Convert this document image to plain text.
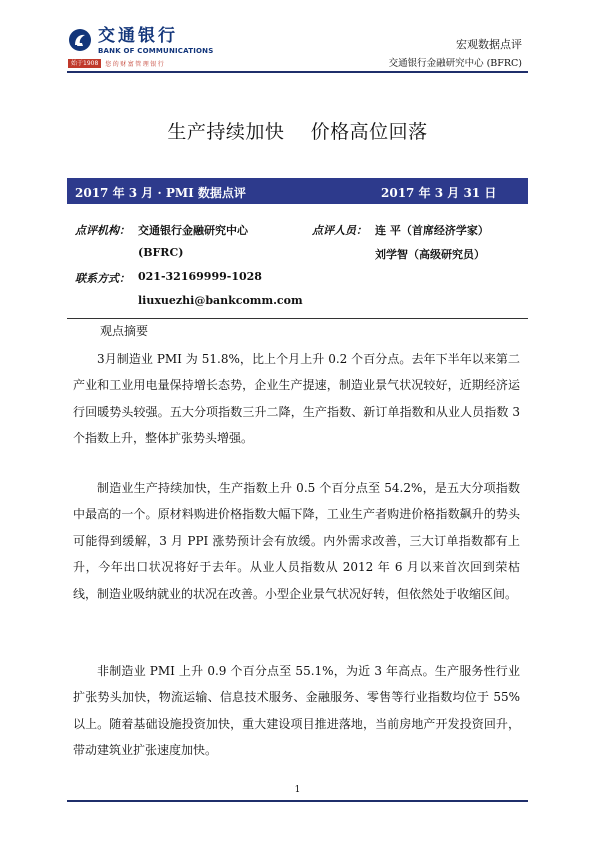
交通银行
BANK OF COMMUNICATIONS
始于1908	您的财富管理银行
宏观数据点评
交通银行金融研究中心 (BFRC)
生产持续加快    价格高位回落
2017 年 3 月 · PMI 数据点评	2017 年 3 月 31 日
点评机构： 交通银行金融研究中心
(BFRC)
联系方式： 021-32169999-1028
liuxuezhi@bankcomm.com
点评人员： 连 平（首席经济学家）
刘学智（高级研究员）
观点摘要

3月制造业 PMI 为 51.8%，比上个月上升 0.2 个百分点。去年下半年以来第二产业和工业用电量保持增长态势，企业生产提速，制造业景气状况较好，近期经济运行回暖势头较强。五大分项指数三升二降，生产指数、新订单指数和从业人员指数 3 个指数上升，整体扩张势头增强。

制造业生产持续加快，生产指数上升 0.5 个百分点至 54.2%，是五大分项指数中最高的一个。原材料购进价格指数大幅下降，工业生产者购进价格指数飙升的势头可能得到缓解，3 月 PPI 涨势预计会有放缓。内外需求改善，三大订单指数都有上升，今年出口状况将好于去年。从业人员指数从 2012 年 6 月以来首次回到荣枯线，制造业吸纳就业的状况在改善。小型企业景气状况好转，但依然处于收缩区间。

非制造业 PMI 上升 0.9 个百分点至 55.1%，为近 3 年高点。生产服务性行业扩张势头加快，物流运输、信息技术服务、金融服务、零售等行业指数均位于 55%以上。随着基础设施投资加快，重大建设项目推进落地，当前房地产开发投资回升，带动建筑业扩张速度加快。

1
